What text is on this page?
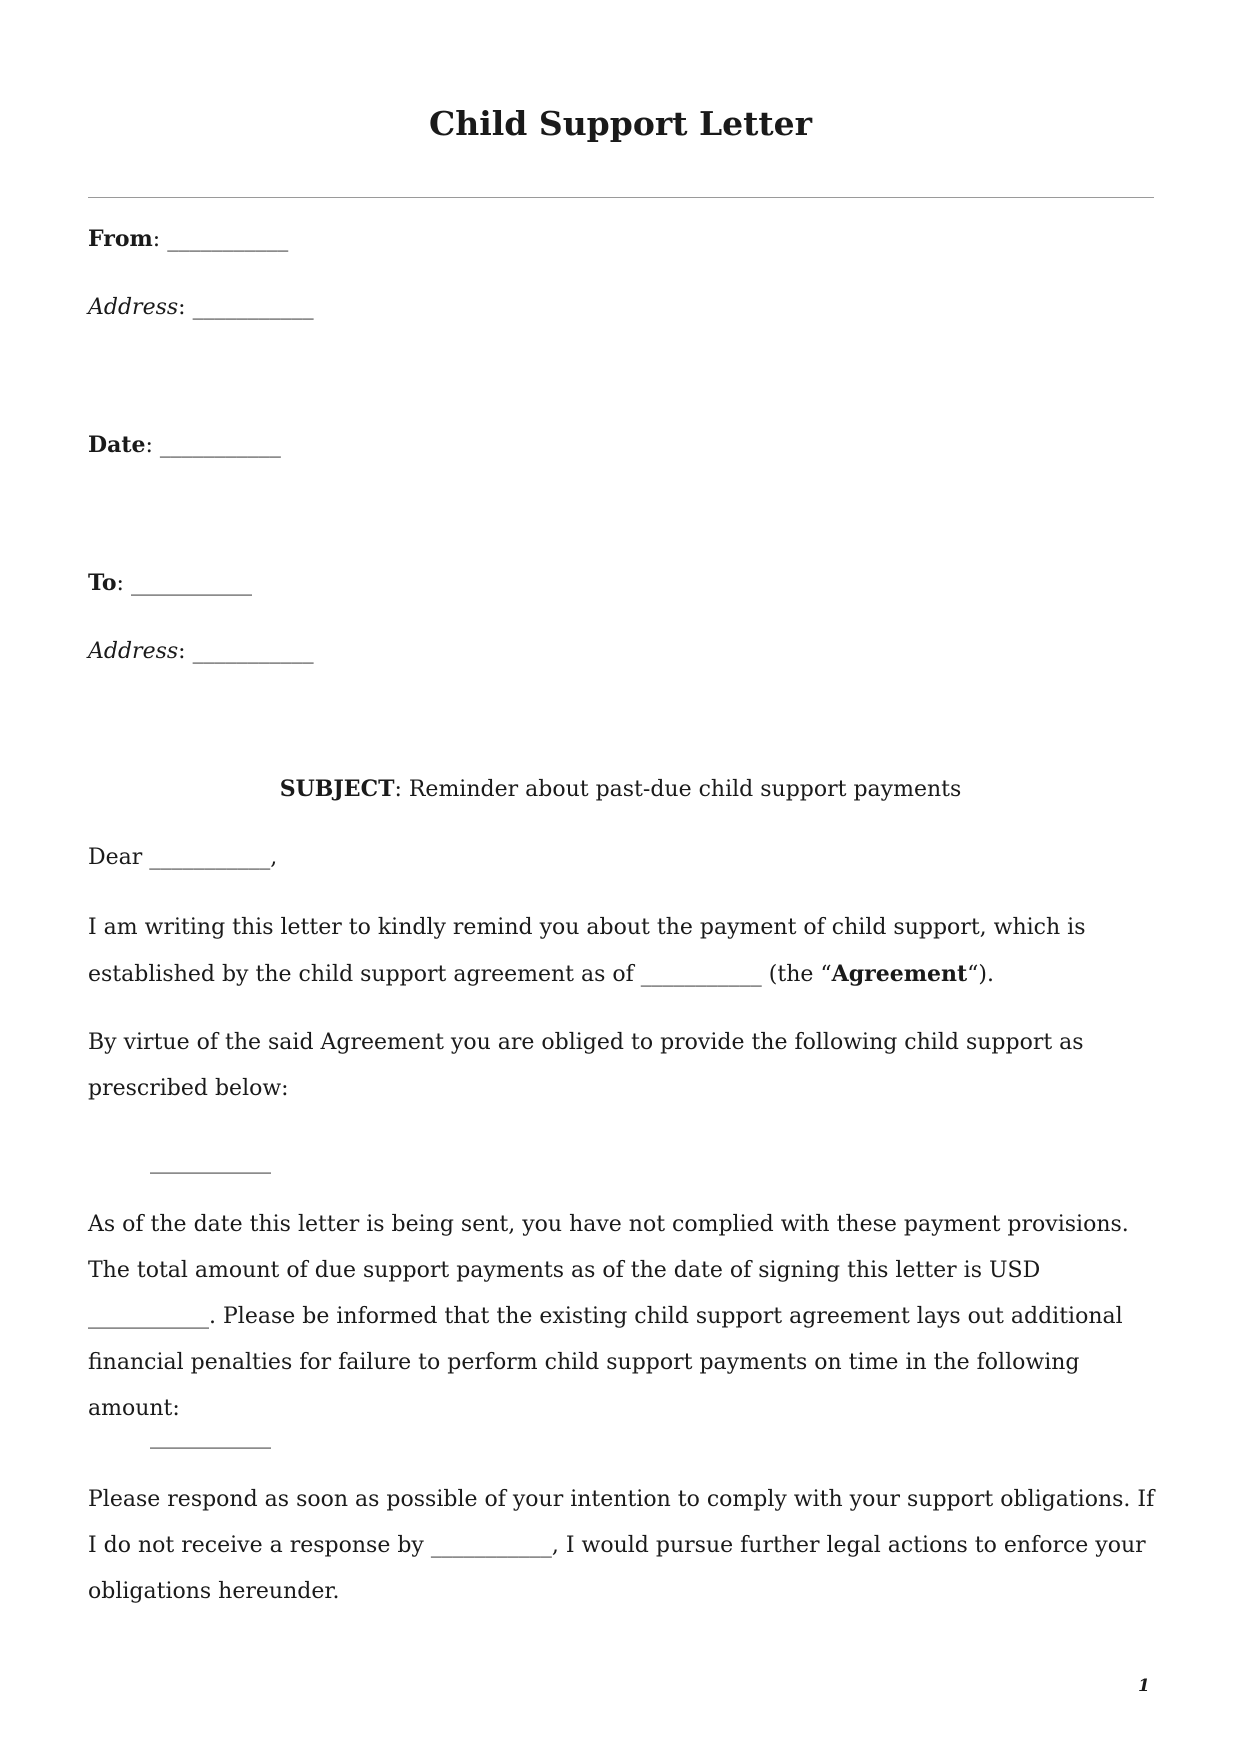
Child Support Letter

From: ___________

Address: ___________

Date: ___________

To: ___________

Address: ___________

SUBJECT: Reminder about past-due child support payments

Dear ___________,

I am writing this letter to kindly remind you about the payment of child support, which is established by the child support agreement as of ___________ (the “Agreement“).

By virtue of the said Agreement you are obliged to provide the following child support as prescribed below:

___________

As of the date this letter is being sent, you have not complied with these payment provisions. The total amount of due support payments as of the date of signing this letter is USD ___________. Please be informed that the existing child support agreement lays out additional financial penalties for failure to perform child support payments on time in the following amount:

___________

Please respond as soon as possible of your intention to comply with your support obligations. If I do not receive a response by ___________, I would pursue further legal actions to enforce your obligations hereunder.

1
